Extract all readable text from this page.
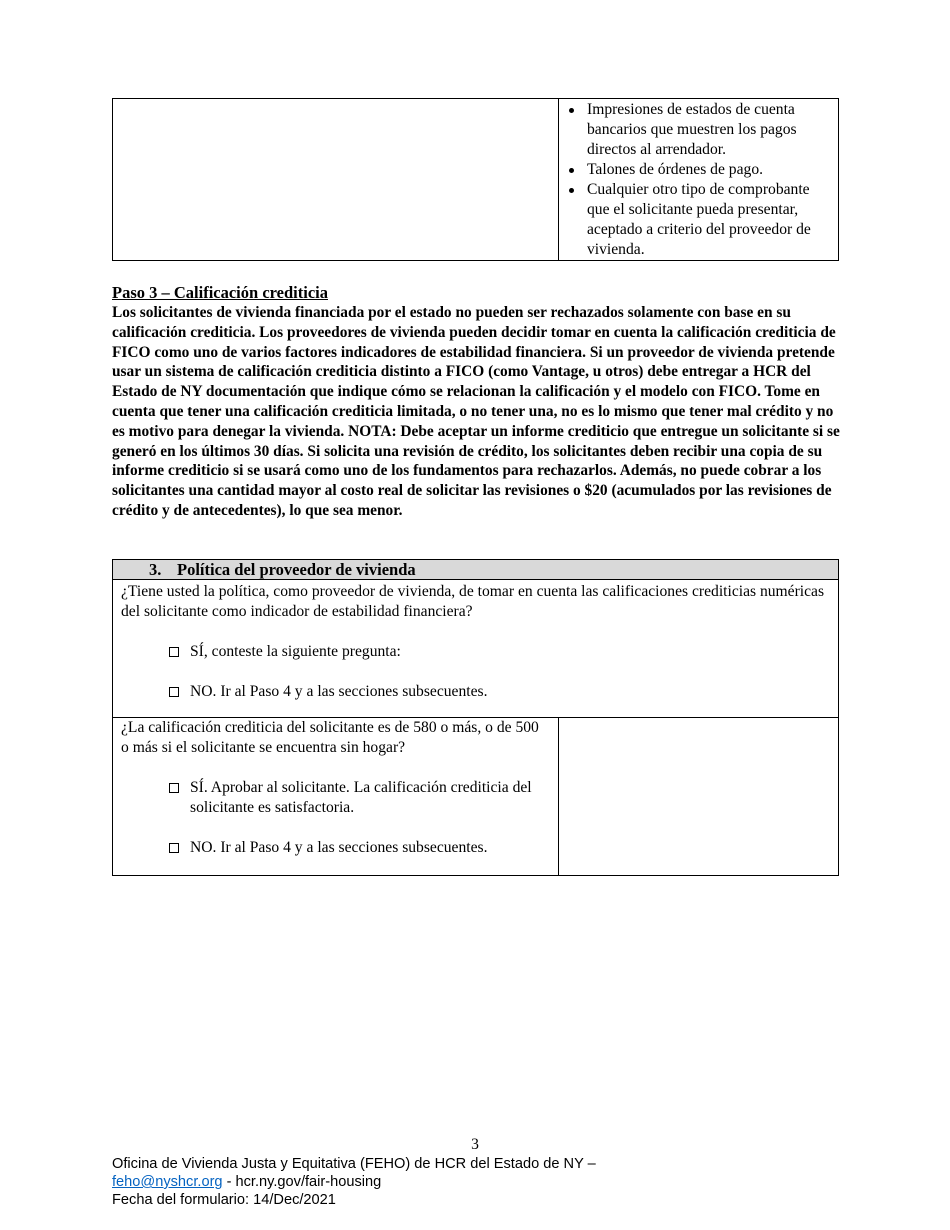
Impresiones de estados de cuenta bancarios que muestren los pagos directos al arrendador.
Talones de órdenes de pago.
Cualquier otro tipo de comprobante que el solicitante pueda presentar, aceptado a criterio del proveedor de vivienda.
Paso 3 – Calificación crediticia
Los solicitantes de vivienda financiada por el estado no pueden ser rechazados solamente con base en su calificación crediticia. Los proveedores de vivienda pueden decidir tomar en cuenta la calificación crediticia de FICO como uno de varios factores indicadores de estabilidad financiera. Si un proveedor de vivienda pretende usar un sistema de calificación crediticia distinto a FICO (como Vantage, u otros) debe entregar a HCR del Estado de NY documentación que indique cómo se relacionan la calificación y el modelo con FICO. Tome en cuenta que tener una calificación crediticia limitada, o no tener una, no es lo mismo que tener mal crédito y no es motivo para denegar la vivienda. NOTA: Debe aceptar un informe crediticio que entregue un solicitante si se generó en los últimos 30 días. Si solicita una revisión de crédito, los solicitantes deben recibir una copia de su informe crediticio si se usará como uno de los fundamentos para rechazarlos. Además, no puede cobrar a los solicitantes una cantidad mayor al costo real de solicitar las revisiones o $20 (acumulados por las revisiones de crédito y de antecedentes), lo que sea menor.
3. Política del proveedor de vivienda

¿Tiene usted la política, como proveedor de vivienda, de tomar en cuenta las calificaciones crediticias numéricas del solicitante como indicador de estabilidad financiera?

SÍ, conteste la siguiente pregunta:
NO. Ir al Paso 4 y a las secciones subsecuentes.

¿La calificación crediticia del solicitante es de 580 o más, o de 500 o más si el solicitante se encuentra sin hogar?

SÍ. Aprobar al solicitante. La calificación crediticia del solicitante es satisfactoria.
NO. Ir al Paso 4 y a las secciones subsecuentes.
3
Oficina de Vivienda Justa y Equitativa (FEHO) de HCR del Estado de NY –
feho@nyshcr.org - hcr.ny.gov/fair-housing
Fecha del formulario: 14/Dec/2021
